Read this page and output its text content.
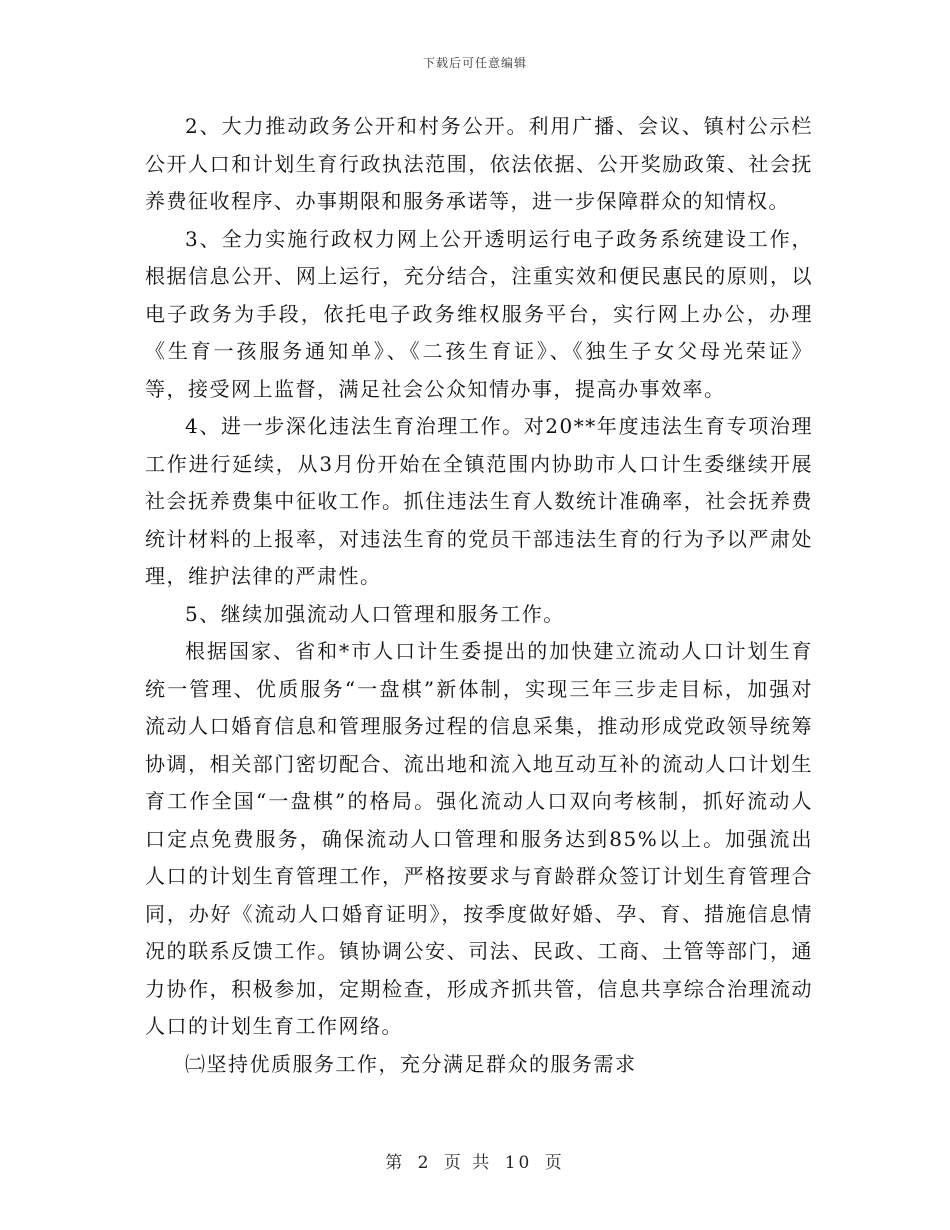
下载后可任意编辑

2、大力推动政务公开和村务公开。利用广播、会议、镇村公示栏公开人口和计划生育行政执法范围，依法依据、公开奖励政策、社会抚养费征收程序、办事期限和服务承诺等，进一步保障群众的知情权。

3、全力实施行政权力网上公开透明运行电子政务系统建设工作，根据信息公开、网上运行，充分结合，注重实效和便民惠民的原则，以电子政务为手段，依托电子政务维权服务平台，实行网上办公，办理《生育一孩服务通知单》、《二孩生育证》、《独生子女父母光荣证》等，接受网上监督，满足社会公众知情办事，提高办事效率。

4、进一步深化违法生育治理工作。对20**年度违法生育专项治理工作进行延续，从3月份开始在全镇范围内协助市人口计生委继续开展社会抚养费集中征收工作。抓住违法生育人数统计准确率，社会抚养费统计材料的上报率，对违法生育的党员干部违法生育的行为予以严肃处理，维护法律的严肃性。

5、继续加强流动人口管理和服务工作。

根据国家、省和*市人口计生委提出的加快建立流动人口计划生育统一管理、优质服务“一盘棋”新体制，实现三年三步走目标，加强对流动人口婚育信息和管理服务过程的信息采集，推动形成党政领导统筹协调，相关部门密切配合、流出地和流入地互动互补的流动人口计划生育工作全国“一盘棋”的格局。强化流动人口双向考核制，抓好流动人口定点免费服务，确保流动人口管理和服务达到85%以上。加强流出人口的计划生育管理工作，严格按要求与育龄群众签订计划生育管理合同，办好《流动人口婚育证明》，按季度做好婚、孕、育、措施信息情况的联系反馈工作。镇协调公安、司法、民政、工商、土管等部门，通力协作，积极参加，定期检查，形成齐抓共管，信息共享综合治理流动人口的计划生育工作网络。

㈡坚持优质服务工作，充分满足群众的服务需求

第 2 页 共 10 页
